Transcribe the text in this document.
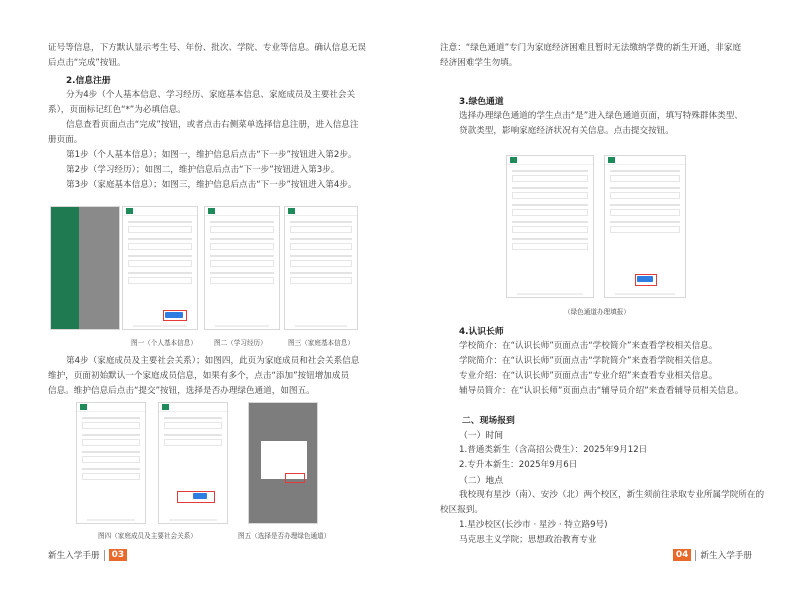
证号等信息，下方默认显示考生号、年份、批次、学院、专业等信息。确认信息无误
后点击“完成”按钮。
2.信息注册
分为4步（个人基本信息、学习经历、家庭基本信息、家庭成员及主要社会关
系），页面标记红色“*”为必填信息。
信息查看页面点击“完成”按钮，或者点击右侧菜单选择信息注册，进入信息注
册页面。
第1步（个人基本信息）；如图一，维护信息后点击“下一步”按钮进入第2步。
第2步（学习经历）；如图二，维护信息后点击“下一步”按钮进入第3步。
第3步（家庭基本信息）；如图三，维护信息后点击“下一步”按钮进入第4步。
图一（个人基本信息）	图二（学习经历）	图三（家庭基本信息）
第4步（家庭成员及主要社会关系）；如图四，此页为家庭成员和社会关系信息
维护，页面初始默认一个家庭成员信息，如果有多个，点击“添加”按钮增加成员
信息。维护信息后点击“提交”按钮，选择是否办理绿色通道，如图五。
图四（家庭成员及主要社会关系）	图五（选择是否办理绿色通道）
新生入学手册	03
注意：“绿色通道”专门为家庭经济困难且暂时无法缴纳学费的新生开通，非家庭
经济困难学生勿填。
3.绿色通道
选择办理绿色通道的学生点击“是”进入绿色通道页面，填写特殊群体类型、
贷款类型，影响家庭经济状况有关信息。点击提交按钮。
（绿色通道办理填报）
4.认识长师
学校简介：在“认识长师”页面点击“学校简介”来查看学校相关信息。
学院简介：在“认识长师”页面点击“学院简介”来查看学院相关信息。
专业介绍：在“认识长师”页面点击“专业介绍”来查看专业相关信息。
辅导员简介：在“认识长师”页面点击“辅导员介绍”来查看辅导员相关信息。
二、现场报到
（一）时间
1.普通类新生（含高招公费生）：2025年9月12日
2.专升本新生：2025年9月6日
（二）地点
我校现有星沙（南）、安沙（北）两个校区，新生须前往录取专业所属学院所在的
校区报到。
1.星沙校区(长沙市 · 星沙 · 特立路9号)
马克思主义学院；思想政治教育专业
04	新生入学手册
